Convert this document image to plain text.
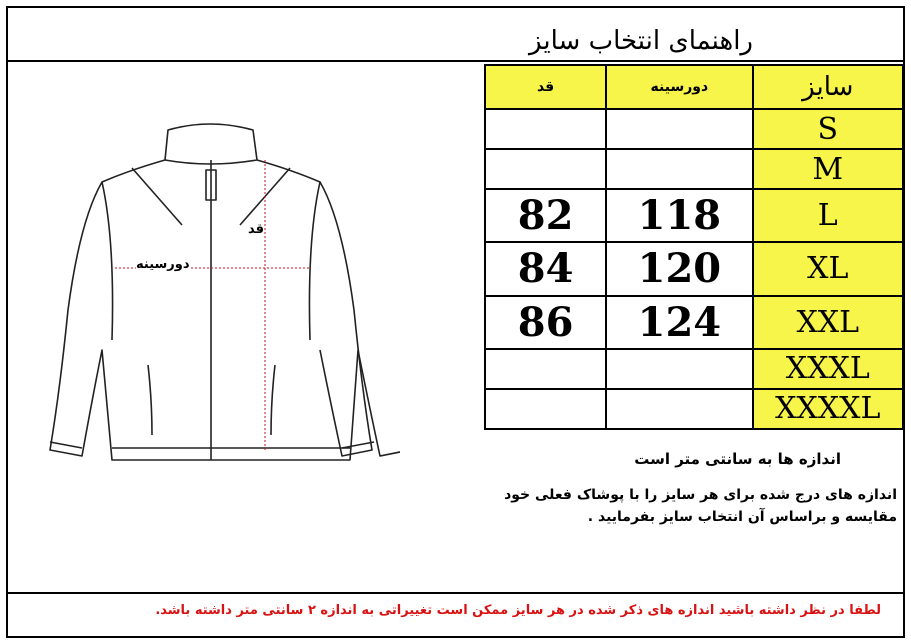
راهنمای انتخاب سایز
قد
دورسینه
قد	دورسینه	سایز
		S
		M
82	118	L
84	120	XL
86	124	XXL
		XXXL
		XXXXL
اندازه ها به سانتی متر است
اندازه های درج شده برای هر سایز را با پوشاک فعلی خود مقایسه و براساس آن انتخاب سایز بفرمایید .
لطفا در نظر داشته باشید اندازه های ذکر شده در هر سایز ممکن است تغییراتی به اندازه ۲ سانتی متر داشته باشد.
